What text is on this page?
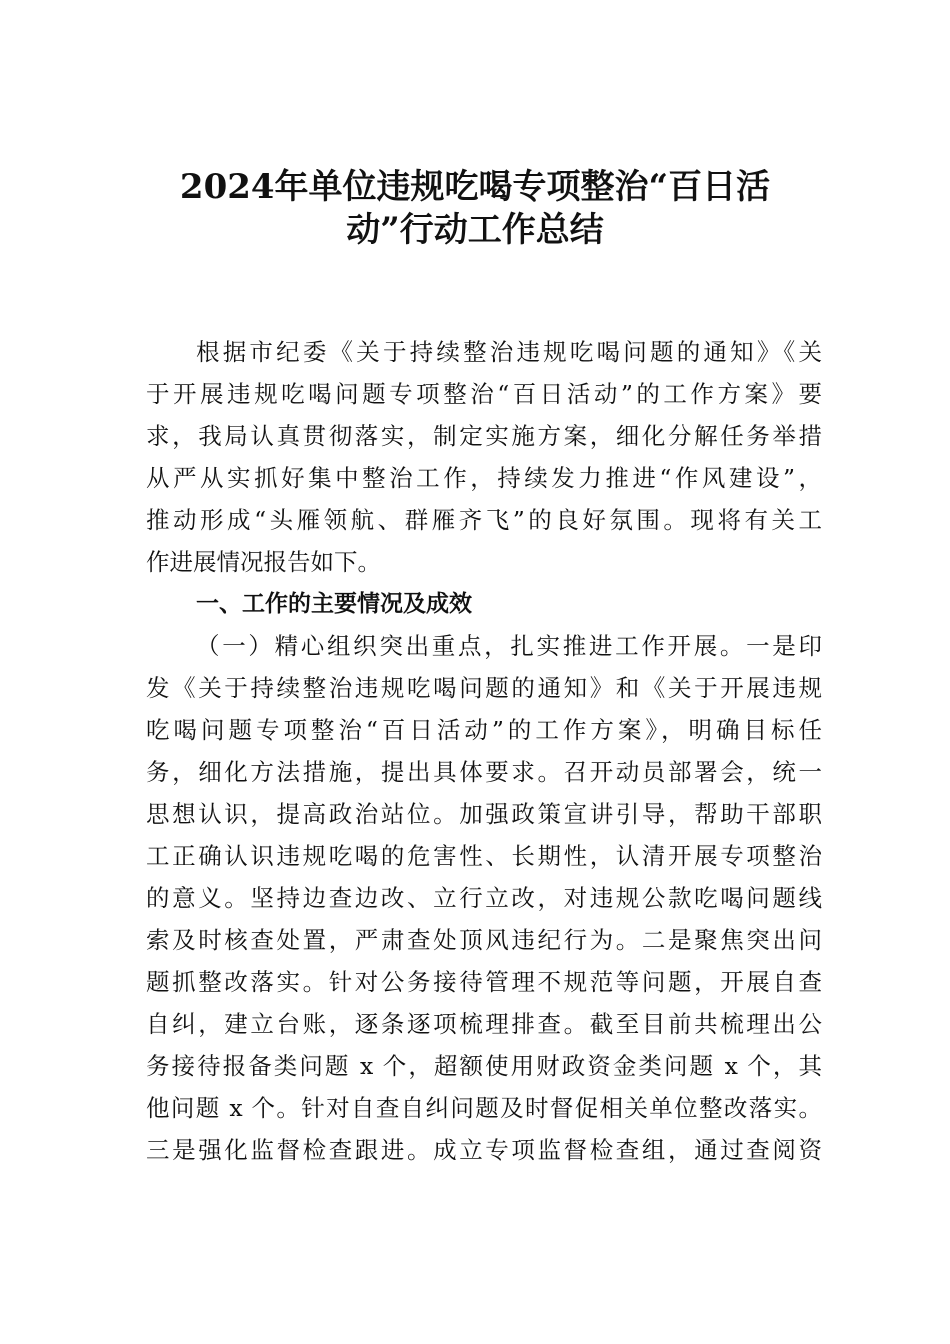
2024年单位违规吃喝专项整治“百日活
动”行动工作总结
根据市纪委《关于持续整治违规吃喝问题的通知》《关
于开展违规吃喝问题专项整治“百日活动”的工作方案》要
求，我局认真贯彻落实，制定实施方案，细化分解任务举措
从严从实抓好集中整治工作，持续发力推进“作风建设”，
推动形成“头雁领航、群雁齐飞”的良好氛围。现将有关工
作进展情况报告如下。
一、工作的主要情况及成效
（一）精心组织突出重点，扎实推进工作开展。一是印
发《关于持续整治违规吃喝问题的通知》和《关于开展违规
吃喝问题专项整治“百日活动”的工作方案》，明确目标任
务，细化方法措施，提出具体要求。召开动员部署会，统一
思想认识，提高政治站位。加强政策宣讲引导，帮助干部职
工正确认识违规吃喝的危害性、长期性，认清开展专项整治
的意义。坚持边查边改、立行立改，对违规公款吃喝问题线
索及时核查处置，严肃查处顶风违纪行为。二是聚焦突出问
题抓整改落实。针对公务接待管理不规范等问题，开展自查
自纠，建立台账，逐条逐项梳理排查。截至目前共梳理出公
务接待报备类问题 x 个，超额使用财政资金类问题 x 个，其
他问题 x 个。针对自查自纠问题及时督促相关单位整改落实。
三是强化监督检查跟进。成立专项监督检查组，通过查阅资
